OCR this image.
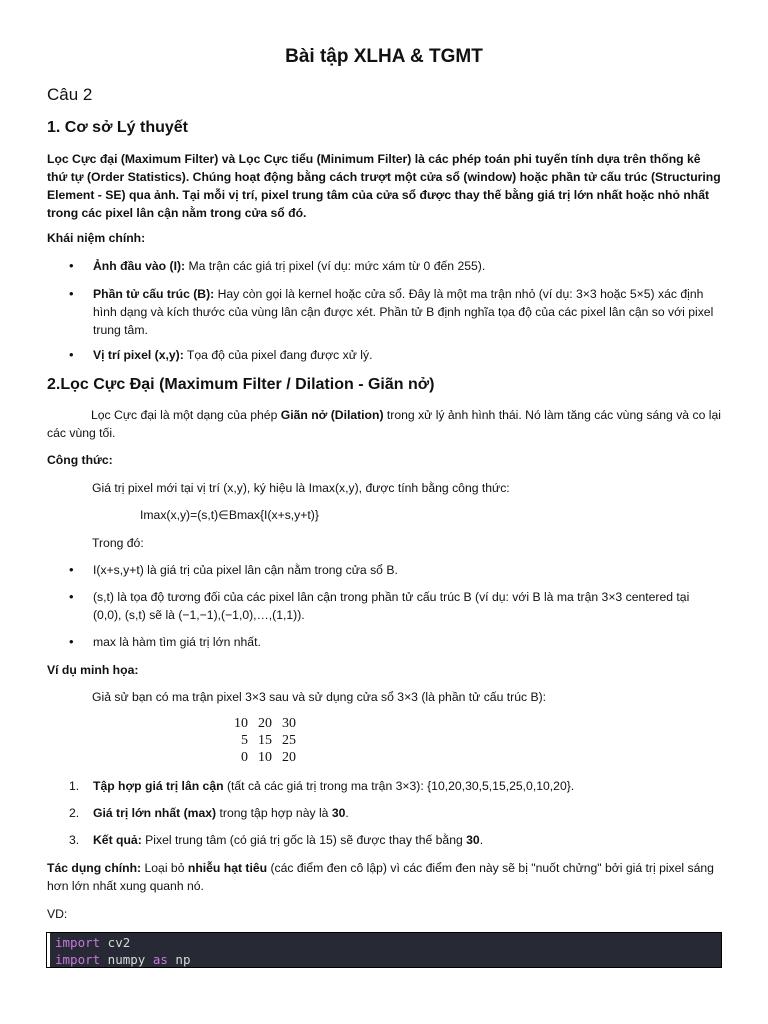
Bài tập XLHA & TGMT
Câu 2
1. Cơ sở Lý thuyết

Lọc Cực đại (Maximum Filter) và Lọc Cực tiểu (Minimum Filter) là các phép toán phi tuyến tính dựa trên thống kê thứ tự (Order Statistics). Chúng hoạt động bằng cách trượt một cửa sổ (window) hoặc phần tử cấu trúc (Structuring Element - SE) qua ảnh. Tại mỗi vị trí, pixel trung tâm của cửa sổ được thay thế bằng giá trị lớn nhất hoặc nhỏ nhất trong các pixel lân cận nằm trong cửa sổ đó.

Khái niệm chính:

• Ảnh đầu vào (I): Ma trận các giá trị pixel (ví dụ: mức xám từ 0 đến 255).
• Phần tử cấu trúc (B): Hay còn gọi là kernel hoặc cửa sổ. Đây là một ma trận nhỏ (ví dụ: 3×3 hoặc 5×5) xác định hình dạng và kích thước của vùng lân cận được xét. Phần tử B định nghĩa tọa độ của các pixel lân cận so với pixel trung tâm.
• Vị trí pixel (x,y): Tọa độ của pixel đang được xử lý.
2.Lọc Cực Đại (Maximum Filter / Dilation - Giãn nở)

Lọc Cực đại là một dạng của phép Giãn nở (Dilation) trong xử lý ảnh hình thái. Nó làm tăng các vùng sáng và co lại các vùng tối.

Công thức:

Giá trị pixel mới tại vị trí (x,y), ký hiệu là Imax(x,y), được tính bằng công thức:

Imax(x,y)=(s,t)∈Bmax{I(x+s,y+t)}

Trong đó:

• I(x+s,y+t) là giá trị của pixel lân cận nằm trong cửa sổ B.
• (s,t) là tọa độ tương đối của các pixel lân cận trong phần tử cấu trúc B (ví dụ: với B là ma trận 3×3 centered tại (0,0), (s,t) sẽ là (−1,−1),(−1,0),…,(1,1)).
• max là hàm tìm giá trị lớn nhất.

Ví dụ minh họa:

Giả sử bạn có ma trận pixel 3×3 sau và sử dụng cửa sổ 3×3 (là phần tử cấu trúc B):

10	20	30
5	15	25
0	10	20
1. Tập hợp giá trị lân cận (tất cả các giá trị trong ma trận 3×3): {10,20,30,5,15,25,0,10,20}.
2. Giá trị lớn nhất (max) trong tập hợp này là 30.
3. Kết quả: Pixel trung tâm (có giá trị gốc là 15) sẽ được thay thế bằng 30.

Tác dụng chính: Loại bỏ nhiễu hạt tiêu (các điểm đen cô lập) vì các điểm đen này sẽ bị "nuốt chửng" bởi giá trị pixel sáng hơn lớn nhất xung quanh nó.

VD:

import cv2
import numpy as np
